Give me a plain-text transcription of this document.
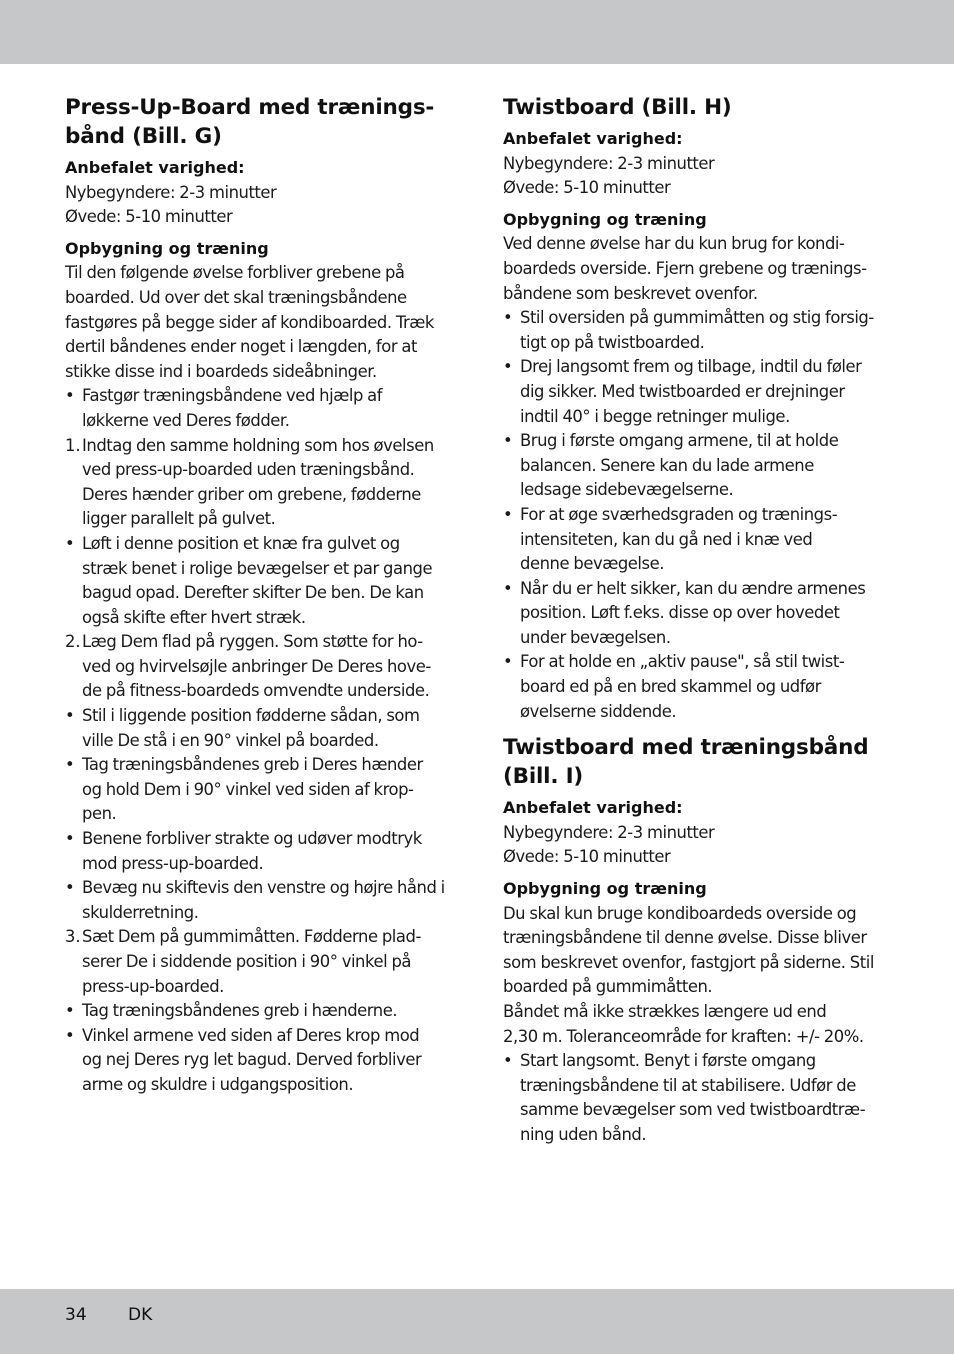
Press-Up-Board med trænings-
bånd (Bill. G)
Anbefalet varighed:
Nybegyndere: 2-3 minutter
Øvede: 5-10 minutter
Opbygning og træning
Til den følgende øvelse forbliver grebene på
boarded. Ud over det skal træningsbåndene
fastgøres på begge sider af kondiboarded. Træk
dertil båndenes ender noget i længden, for at
stikke disse ind i boardeds sideåbninger.
• Fastgør træningsbåndene ved hjælp af
løkkerne ved Deres fødder.
1. Indtag den samme holdning som hos øvelsen
ved press-up-boarded uden træningsbånd.
Deres hænder griber om grebene, fødderne
ligger parallelt på gulvet.
• Løft i denne position et knæ fra gulvet og
stræk benet i rolige bevægelser et par gange
bagud opad. Derefter skifter De ben. De kan
også skifte efter hvert stræk.
2. Læg Dem flad på ryggen. Som støtte for ho-
ved og hvirvelsøjle anbringer De Deres hove-
de på fitness-boardeds omvendte underside.
• Stil i liggende position fødderne sådan, som
ville De stå i en 90° vinkel på boarded.
• Tag træningsbåndenes greb i Deres hænder
og hold Dem i 90° vinkel ved siden af krop-
pen.
• Benene forbliver strakte og udøver modtryk
mod press-up-boarded.
• Bevæg nu skiftevis den venstre og højre hånd i
skulderretning.
3. Sæt Dem på gummimåtten. Fødderne plad-
serer De i siddende position i 90° vinkel på
press-up-boarded.
• Tag træningsbåndenes greb i hænderne.
• Vinkel armene ved siden af Deres krop mod
og nej Deres ryg let bagud. Derved forbliver
arme og skuldre i udgangsposition.
Twistboard (Bill. H)
Anbefalet varighed:
Nybegyndere: 2-3 minutter
Øvede: 5-10 minutter
Opbygning og træning
Ved denne øvelse har du kun brug for kondi-
boardeds overside. Fjern grebene og trænings-
båndene som beskrevet ovenfor.
• Stil oversiden på gummimåtten og stig forsig-
tigt op på twistboarded.
• Drej langsomt frem og tilbage, indtil du føler
dig sikker. Med twistboarded er drejninger
indtil 40° i begge retninger mulige.
• Brug i første omgang armene, til at holde
balancen. Senere kan du lade armene
ledsage sidebevægelserne.
• For at øge sværhedsgraden og trænings-
intensiteten, kan du gå ned i knæ ved
denne bevægelse.
• Når du er helt sikker, kan du ændre armenes
position. Løft f.eks. disse op over hovedet
under bevægelsen.
• For at holde en „aktiv pause", så stil twist-
board ed på en bred skammel og udfør
øvelserne siddende.
Twistboard med træningsbånd
(Bill. I)
Anbefalet varighed:
Nybegyndere: 2-3 minutter
Øvede: 5-10 minutter
Opbygning og træning
Du skal kun bruge kondiboardeds overside og
træningsbåndene til denne øvelse. Disse bliver
som beskrevet ovenfor, fastgjort på siderne. Stil
boarded på gummimåtten.
Båndet må ikke strækkes længere ud end
2,30 m. Toleranceområde for kraften: +/- 20%.
• Start langsomt. Benyt i første omgang
træningsbåndene til at stabilisere. Udfør de
samme bevægelser som ved twistboardtræ-
ning uden bånd.
34 DK
